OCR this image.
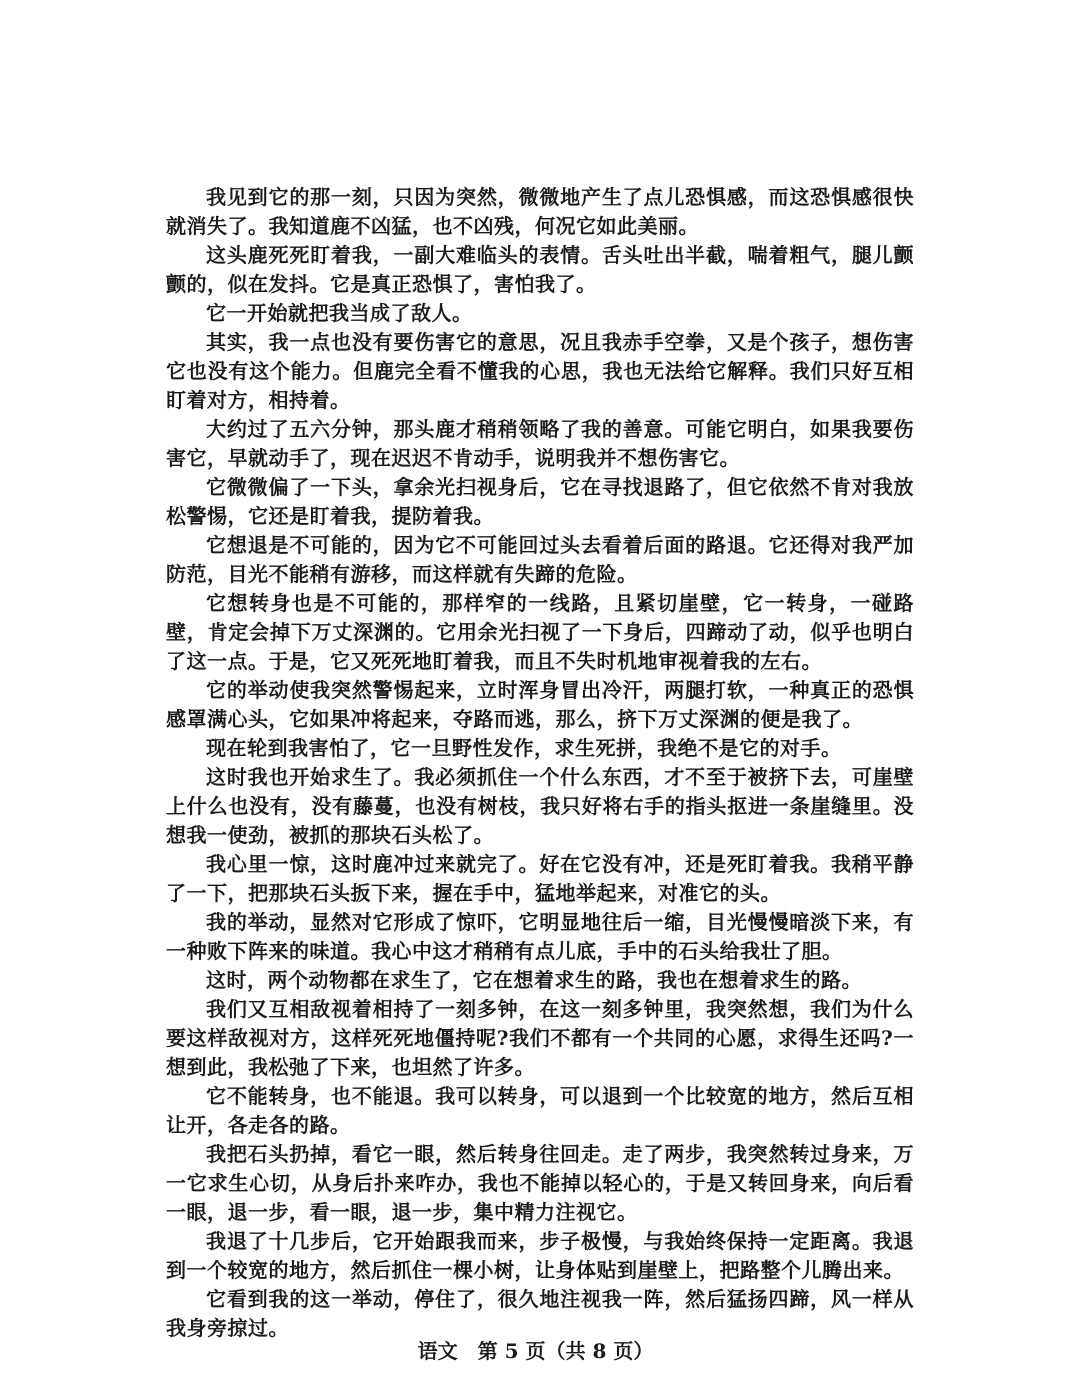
我见到它的那一刻，只因为突然，微微地产生了点儿恐惧感，而这恐惧感很快就消失了。我知道鹿不凶猛，也不凶残，何况它如此美丽。

这头鹿死死盯着我，一副大难临头的表情。舌头吐出半截，喘着粗气，腿儿颤颤的，似在发抖。它是真正恐惧了，害怕我了。

它一开始就把我当成了敌人。

其实，我一点也没有要伤害它的意思，况且我赤手空拳，又是个孩子，想伤害它也没有这个能力。但鹿完全看不懂我的心思，我也无法给它解释。我们只好互相盯着对方，相持着。

大约过了五六分钟，那头鹿才稍稍领略了我的善意。可能它明白，如果我要伤害它，早就动手了，现在迟迟不肯动手，说明我并不想伤害它。

它微微偏了一下头，拿余光扫视身后，它在寻找退路了，但它依然不肯对我放松警惕，它还是盯着我，提防着我。

它想退是不可能的，因为它不可能回过头去看着后面的路退。它还得对我严加防范，目光不能稍有游移，而这样就有失蹄的危险。

它想转身也是不可能的，那样窄的一线路，且紧切崖壁，它一转身，一碰路壁，肯定会掉下万丈深渊的。它用余光扫视了一下身后，四蹄动了动，似乎也明白了这一点。于是，它又死死地盯着我，而且不失时机地审视着我的左右。

它的举动使我突然警惕起来，立时浑身冒出冷汗，两腿打软，一种真正的恐惧感罩满心头，它如果冲将起来，夺路而逃，那么，挤下万丈深渊的便是我了。

现在轮到我害怕了，它一旦野性发作，求生死拼，我绝不是它的对手。

这时我也开始求生了。我必须抓住一个什么东西，才不至于被挤下去，可崖壁上什么也没有，没有藤蔓，也没有树枝，我只好将右手的指头抠进一条崖缝里。没想我一使劲，被抓的那块石头松了。

我心里一惊，这时鹿冲过来就完了。好在它没有冲，还是死盯着我。我稍平静了一下，把那块石头扳下来，握在手中，猛地举起来，对准它的头。

我的举动，显然对它形成了惊吓，它明显地往后一缩，目光慢慢暗淡下来，有一种败下阵来的味道。我心中这才稍稍有点儿底，手中的石头给我壮了胆。

这时，两个动物都在求生了，它在想着求生的路，我也在想着求生的路。

我们又互相敌视着相持了一刻多钟，在这一刻多钟里，我突然想，我们为什么要这样敌视对方，这样死死地僵持呢?我们不都有一个共同的心愿，求得生还吗?一想到此，我松弛了下来，也坦然了许多。

它不能转身，也不能退。我可以转身，可以退到一个比较宽的地方，然后互相让开，各走各的路。

我把石头扔掉，看它一眼，然后转身往回走。走了两步，我突然转过身来，万一它求生心切，从身后扑来咋办，我也不能掉以轻心的，于是又转回身来，向后看一眼，退一步，看一眼，退一步，集中精力注视它。

我退了十几步后，它开始跟我而来，步子极慢，与我始终保持一定距离。我退到一个较宽的地方，然后抓住一棵小树，让身体贴到崖壁上，把路整个儿腾出来。

它看到我的这一举动，停住了，很久地注视我一阵，然后猛扬四蹄，风一样从我身旁掠过。

语文　第 5 页（共 8 页）
